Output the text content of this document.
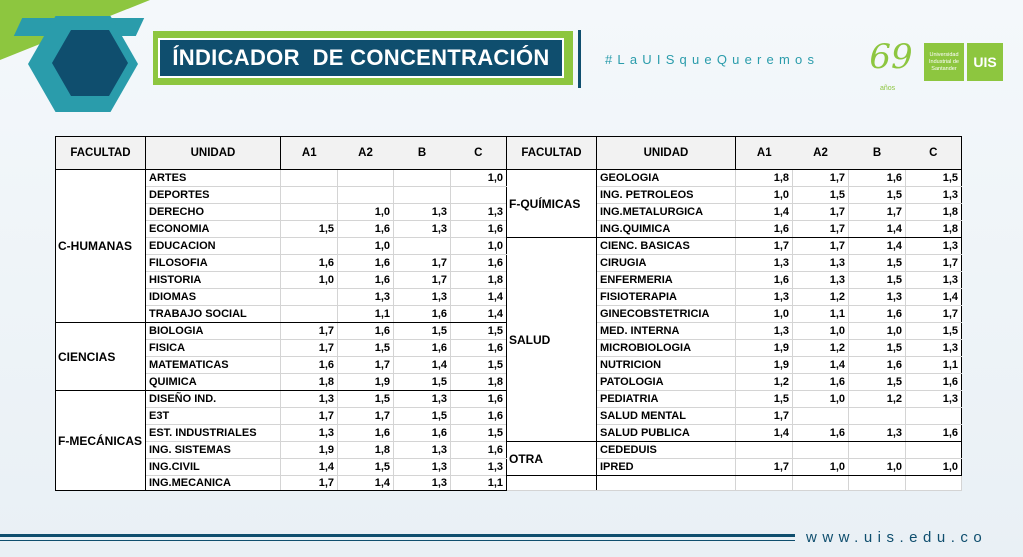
ÍNDICADOR  DE CONCENTRACIÓN	#LaUISqueQueremos 69
años
Universidad
Industrial de
Santander	UIS
FACULTAD	UNIDAD	A1	A2	B	C	FACULTAD	UNIDAD	A1	A2	B	C
C-HUMANAS	ARTES				1,0	F-QUÍMICAS	GEOLOGIA	1,8	1,7	1,6	1,5
	DEPORTES						ING. PETROLEOS	1,0	1,5	1,5	1,3
	DERECHO		1,0	1,3	1,3		ING.METALURGICA	1,4	1,7	1,7	1,8
	ECONOMIA	1,5	1,6	1,3	1,6		ING.QUIMICA	1,6	1,7	1,4	1,8
	EDUCACION		1,0		1,0	SALUD	CIENC. BASICAS	1,7	1,7	1,4	1,3
	FILOSOFIA	1,6	1,6	1,7	1,6		CIRUGIA	1,3	1,3	1,5	1,7
	HISTORIA	1,0	1,6	1,7	1,8		ENFERMERIA	1,6	1,3	1,5	1,3
	IDIOMAS		1,3	1,3	1,4		FISIOTERAPIA	1,3	1,2	1,3	1,4
	TRABAJO SOCIAL		1,1	1,6	1,4		GINECOBSTETRICIA	1,0	1,1	1,6	1,7
CIENCIAS	BIOLOGIA	1,7	1,6	1,5	1,5		MED. INTERNA	1,3	1,0	1,0	1,5
	FISICA	1,7	1,5	1,6	1,6		MICROBIOLOGIA	1,9	1,2	1,5	1,3
	MATEMATICAS	1,6	1,7	1,4	1,5		NUTRICION	1,9	1,4	1,6	1,1
	QUIMICA	1,8	1,9	1,5	1,8		PATOLOGIA	1,2	1,6	1,5	1,6
F-MECÁNICAS	DISEÑO IND.	1,3	1,5	1,3	1,6		PEDIATRIA	1,5	1,0	1,2	1,3
	E3T	1,7	1,7	1,5	1,6		SALUD MENTAL	1,7			
	EST. INDUSTRIALES	1,3	1,6	1,6	1,5		SALUD PUBLICA	1,4	1,6	1,3	1,6
	ING. SISTEMAS	1,9	1,8	1,3	1,6	OTRA	CEDEDUIS				
	ING.CIVIL	1,4	1,5	1,3	1,3		IPRED	1,7	1,0	1,0	1,0
	ING.MECANICA	1,7	1,4	1,3	1,1						
www.uis.edu.co
